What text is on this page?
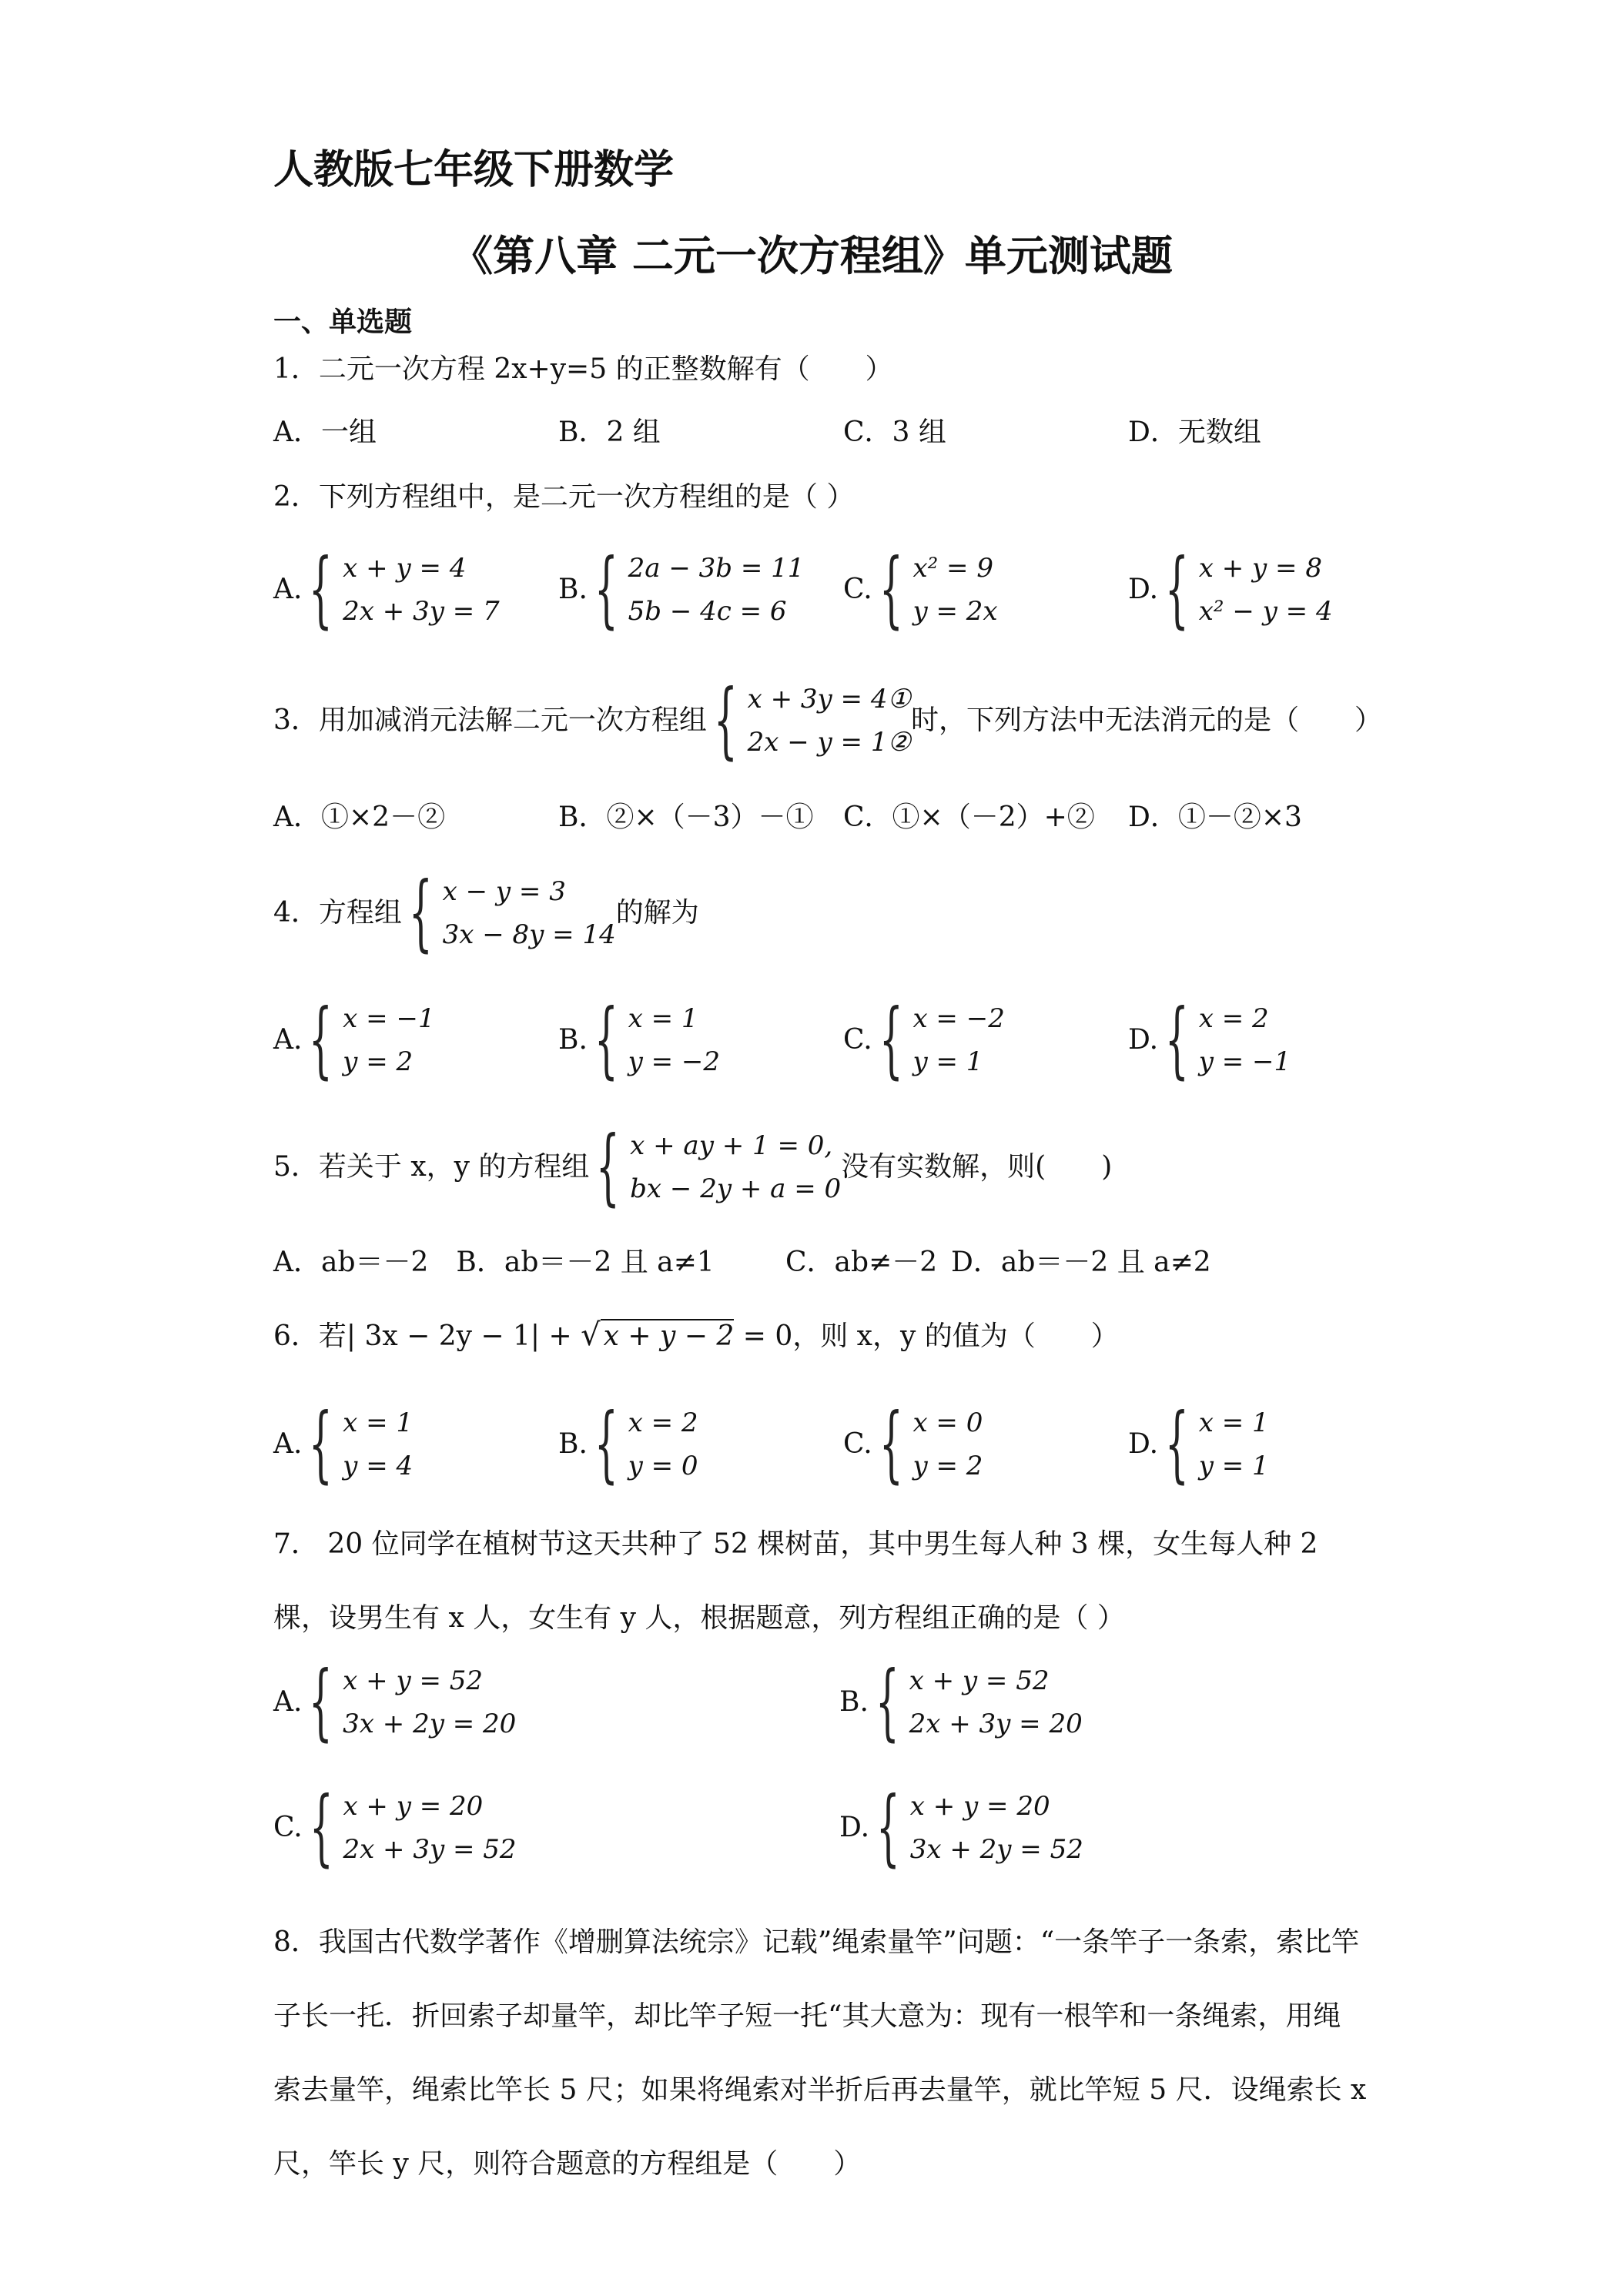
人教版七年级下册数学
《第八章 二元一次方程组》单元测试题
一、单选题
1．二元一次方程 2x+y=5 的正整数解有（　　）
A．一组	B．2 组	C．3 组	D．无数组
2．下列方程组中，是二元一次方程组的是（ ）
A. { x + y = 4
2x + 3y = 7
B. { 2a − 3b = 11
5b − 4c = 6
C. { x² = 9
y = 2x
D. { x + y = 8
x² − y = 4
3．用加减消元法解二元一次方程组 { x + 3y = 4①
2x − y = 1②
时，下列方法中无法消元的是（　　）
A．①×2－②	B．②×（－3）－① C．①×（－2）+② D．①－②×3
4．方程组 { x − y = 3
3x − 8y = 14
的解为
A. { x = −1
y = 2
B. { x = 1
y = −2
C. { x = −2
y = 1
D. { x = 2
y = −1
5．若关于 x，y 的方程组 { x + ay + 1 = 0,
bx − 2y + a = 0
没有实数解，则(　　)
A．ab＝－2　B．ab＝－2 且 a≠1	C．ab≠－2 D．ab＝－2 且 a≠2
6．若| 3x − 2y − 1| + √ x + y − 2 = 0，则 x，y 的值为（　　）
A. { x = 1
y = 4
B. { x = 2
y = 0
C. { x = 0
y = 2
D. { x = 1
y = 1
7． 20 位同学在植树节这天共种了 52 棵树苗，其中男生每人种 3 棵，女生每人种 2 棵，设男生有 x 人，女生有 y 人，根据题意，列方程组正确的是（ ）
A. { x + y = 52
3x + 2y = 20
B. { x + y = 52
2x + 3y = 20
C. { x + y = 20
2x + 3y = 52
D. { x + y = 20
3x + 2y = 52
8．我国古代数学著作《增删算法统宗》记载”绳索量竿”问题：“一条竿子一条索，索比竿子长一托．折回索子却量竿，却比竿子短一托“其大意为：现有一根竿和一条绳索，用绳索去量竿，绳索比竿长 5 尺；如果将绳索对半折后再去量竿，就比竿短 5 尺．设绳索长 x 尺，竿长 y 尺，则符合题意的方程组是（　　）
